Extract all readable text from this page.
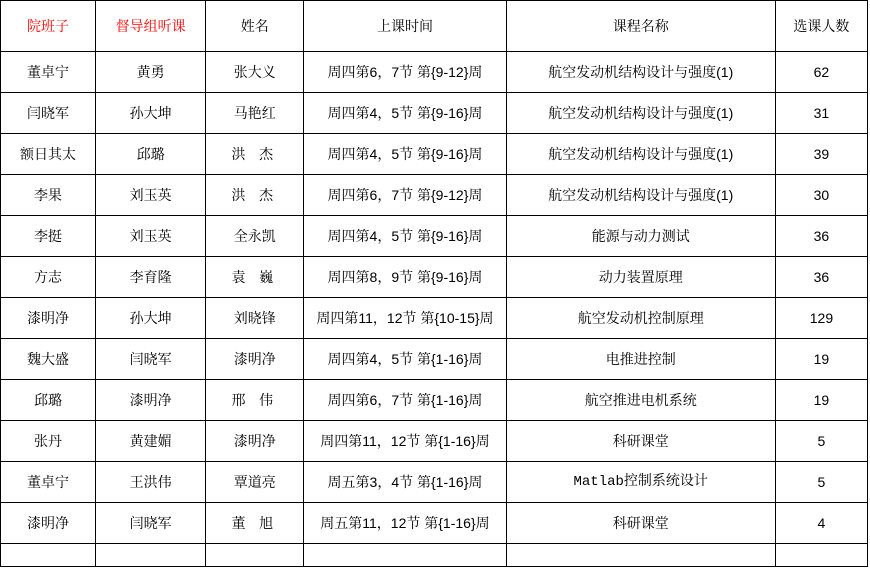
院班子	督导组听课	姓名	上课时间	课程名称	选课人数
董卓宁	黄勇	张大义	周四第6，7节 第{9-12}周	航空发动机结构设计与强度(1)	62
闫晓军	孙大坤	马艳红	周四第4，5节 第{9-16}周	航空发动机结构设计与强度(1)	31
额日其太	邱璐	洪 杰	周四第4，5节 第{9-16}周	航空发动机结构设计与强度(1)	39
李果	刘玉英	洪 杰	周四第6，7节 第{9-12}周	航空发动机结构设计与强度(1)	30
李挺	刘玉英	全永凯	周四第4，5节 第{9-16}周	能源与动力测试	36
方志	李育隆	袁 巍	周四第8，9节 第{9-16}周	动力装置原理	36
漆明净	孙大坤	刘晓锋	周四第11，12节 第{10-15}周	航空发动机控制原理	129
魏大盛	闫晓军	漆明净	周四第4，5节 第{1-16}周	电推进控制	19
邱璐	漆明净	邢 伟	周四第6，7节 第{1-16}周	航空推进电机系统	19
张丹	黄建媚	漆明净	周四第11，12节 第{1-16}周	科研课堂	5
董卓宁	王洪伟	覃道亮	周五第3，4节 第{1-16}周	Matlab控制系统设计	5
漆明净	闫晓军	董 旭	周五第11，12节 第{1-16}周	科研课堂	4
